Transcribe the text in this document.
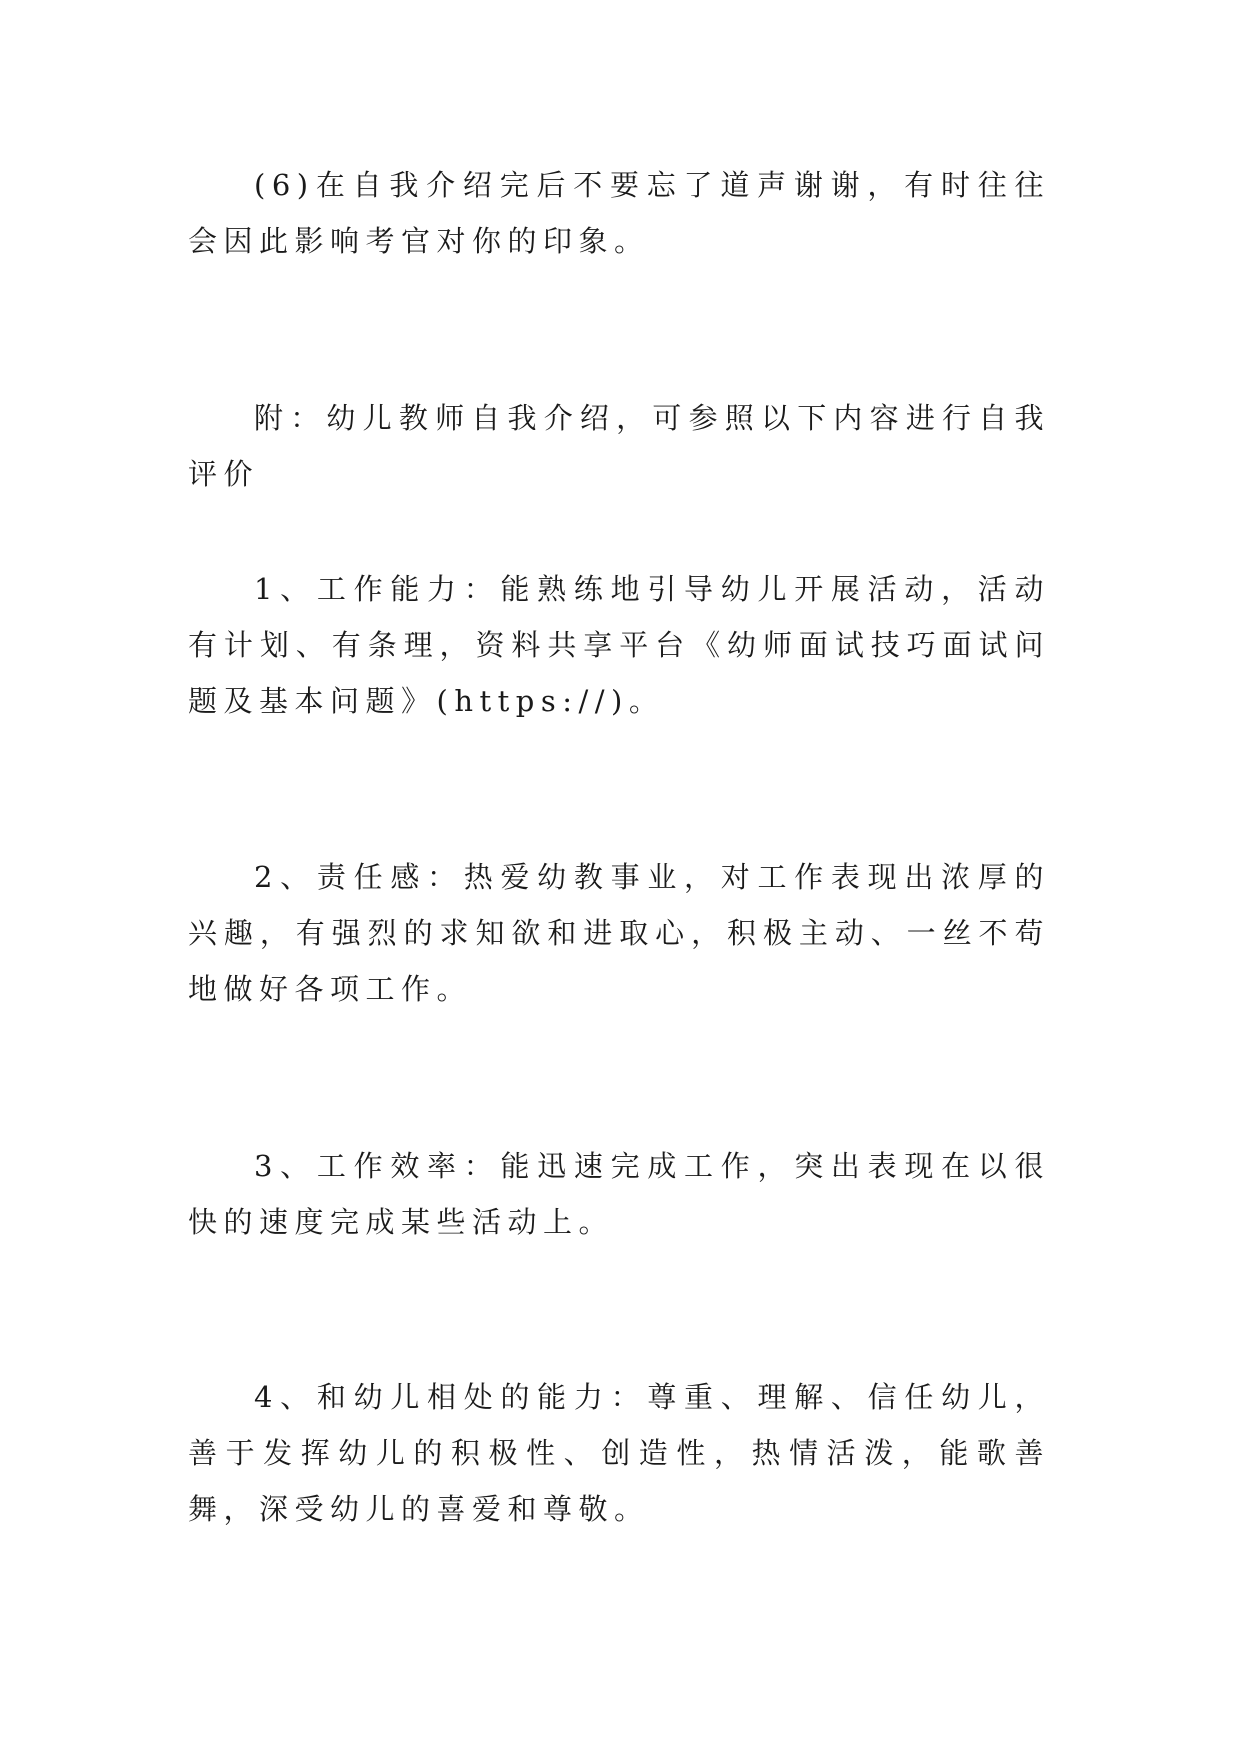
(6)在自我介绍完后不要忘了道声谢谢，有时往往会因此影响考官对你的印象。

附：幼儿教师自我介绍，可参照以下内容进行自我评价

1、工作能力：能熟练地引导幼儿开展活动，活动有计划、有条理，资料共享平台《幼师面试技巧面试问题及基本问题》(https://)。

2、责任感：热爱幼教事业，对工作表现出浓厚的兴趣，有强烈的求知欲和进取心，积极主动、一丝不苟地做好各项工作。

3、工作效率：能迅速完成工作，突出表现在以很快的速度完成某些活动上。

4、和幼儿相处的能力：尊重、理解、信任幼儿，善于发挥幼儿的积极性、创造性，热情活泼，能歌善舞，深受幼儿的喜爱和尊敬。
